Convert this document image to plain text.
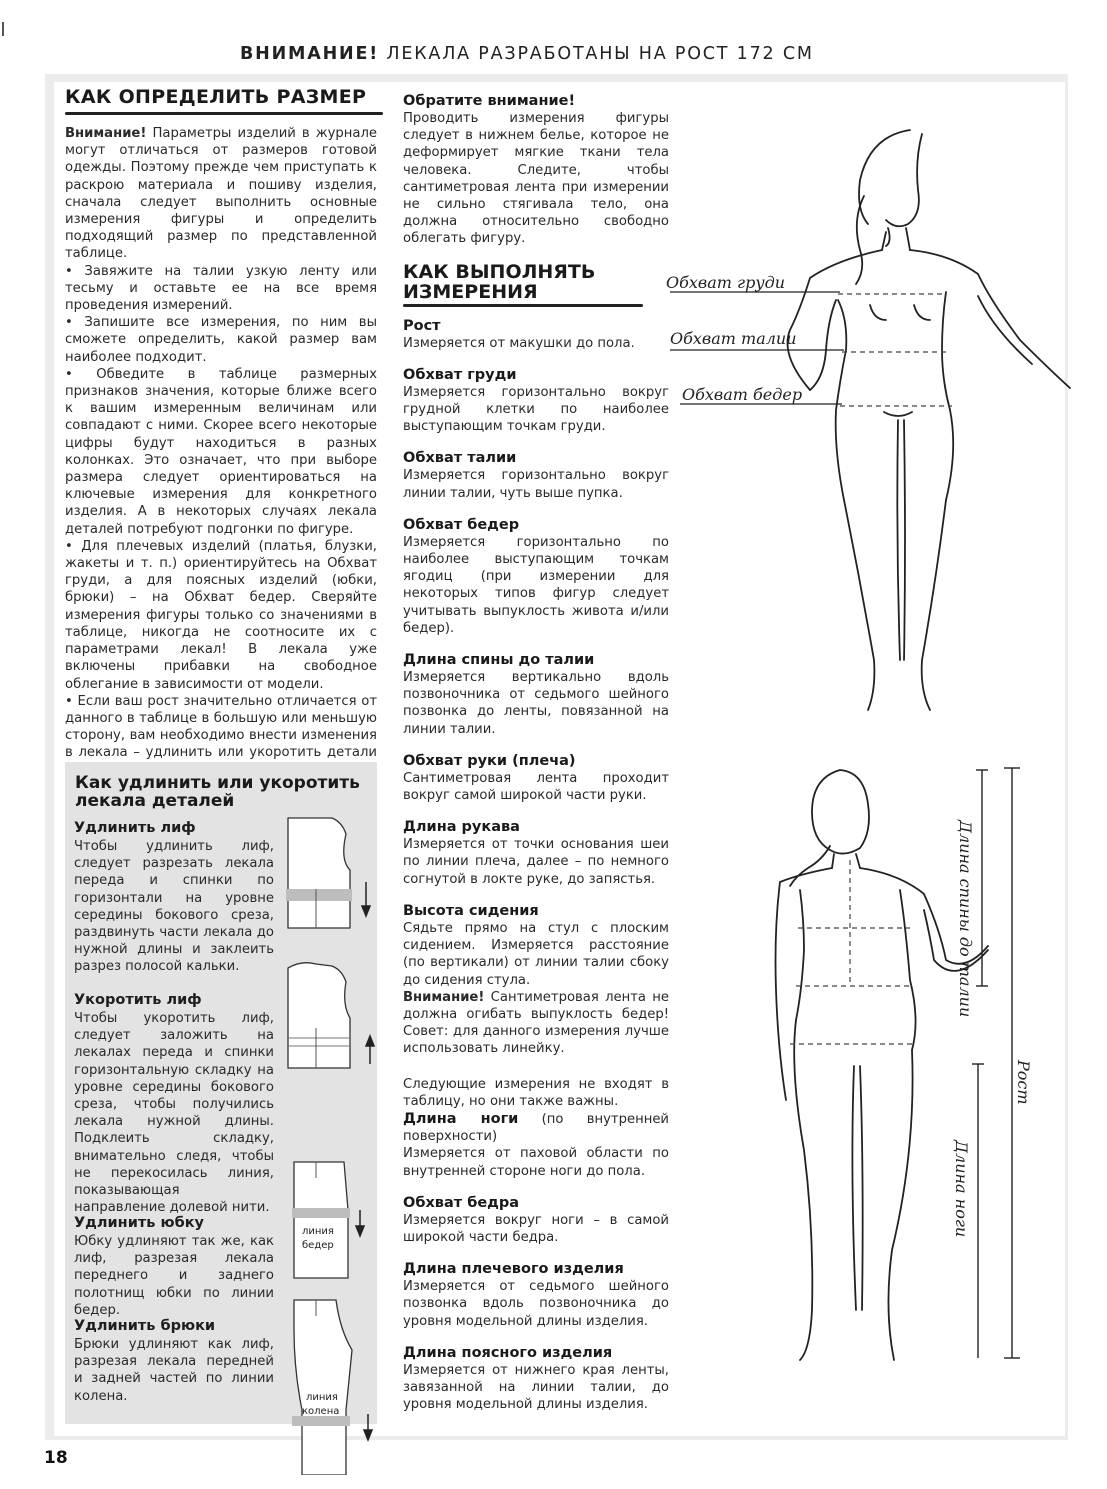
ВНИМАНИЕ! ЛЕКАЛА РАЗРАБОТАНЫ НА РОСТ 172 СМ
КАК ОПРЕДЕЛИТЬ РАЗМЕР

Внимание! Параметры изделий в журнале могут отличаться от размеров готовой одежды. Поэтому прежде чем приступать к раскрою материала и пошиву изделия, сначала следует выполнить основные измерения фигуры и определить подходящий размер по представленной таблице.

• Завяжите на талии узкую ленту или тесьму и оставьте ее на все время проведения измерений.

• Запишите все измерения, по ним вы сможете определить, какой размер вам наиболее подходит.

• Обведите в таблице размерных признаков значения, которые ближе всего к вашим измеренным величинам или совпадают с ними. Скорее всего некоторые цифры будут находиться в разных колонках. Это означает, что при выборе размера следует ориентироваться на ключевые измерения для конкретного изделия. А в некоторых случаях лекала деталей потребуют подгонки по фигуре.

• Для плечевых изделий (платья, блузки, жакеты и т. п.) ориентируйтесь на Обхват груди, а для поясных изделий (юбки, брюки) – на Обхват бедер. Сверяйте измерения фигуры только со значениями в таблице, никогда не соотносите их с параметрами лекал! В лекала уже включены прибавки на свободное облегание в зависимости от модели.

• Если ваш рост значительно отличается от данного в таблице в большую или меньшую сторону, вам необходимо внести изменения в лекала – удлинить или укоротить детали

Как удлинить или укоротить лекала деталей
Удлинить лиф

Чтобы удлинить лиф, следует разрезать лекала переда и спинки по горизонтали на уровне середины бокового среза, раздвинуть части лекала до нужной длины и заклеить разрез полосой кальки.

Укоротить лиф

Чтобы укоротить лиф, следует заложить на лекалах переда и спинки горизонтальную складку на уровне середины бокового среза, чтобы получились лекала нужной длины. Подклеить складку, внимательно следя, чтобы не перекосилась линия, показывающая направление долевой нити.

Удлинить юбку

Юбку удлиняют так же, как лиф, разрезая лекала переднего и заднего полотнищ юбки по линии бедер.

Удлинить брюки

Брюки удлиняют как лиф, разрезая лекала передней и задней частей по линии колена.

линия
бедер
линия
колена
Обратите внимание!

Проводить измерения фигуры следует в нижнем белье, которое не деформирует мягкие ткани тела человека. Следите, чтобы сантиметровая лента при измерении не сильно стягивала тело, она должна относительно свободно облегать фигуру.

КАК ВЫПОЛНЯТЬ
ИЗМЕРЕНИЯ
Рост

Измеряется от макушки до пола.

Обхват груди

Измеряется горизонтально вокруг грудной клетки по наиболее выступающим точкам груди.

Обхват талии

Измеряется горизонтально вокруг линии талии, чуть выше пупка.

Обхват бедер

Измеряется горизонтально по наиболее выступающим точкам ягодиц (при измерении для некоторых типов фигур следует учитывать выпуклость живота и/или бедер).

Длина спины до талии

Измеряется вертикально вдоль позвоночника от седьмого шейного позвонка до ленты, повязанной на линии талии.

Обхват руки (плеча)

Сантиметровая лента проходит вокруг самой широкой части руки.

Длина рукава

Измеряется от точки основания шеи по линии плеча, далее – по немного согнутой в локте руке, до запястья.

Высота сидения

Сядьте прямо на стул с плоским сидением. Измеряется расстояние (по вертикали) от линии талии сбоку до сидения стула.

Внимание! Сантиметровая лента не должна огибать выпуклость бедер! Совет: для данного измерения лучше использовать линейку.

Следующие измерения не входят в таблицу, но они также важны.

Длина ноги (по внутренней поверхности)

Измеряется от паховой области по внутренней стороне ноги до пола.

Обхват бедра

Измеряется вокруг ноги – в самой широкой части бедра.

Длина плечевого изделия

Измеряется от седьмого шейного позвонка вдоль позвоночника до уровня модельной длины изделия.

Длина поясного изделия

Измеряется от нижнего края ленты, завязанной на линии талии, до уровня модельной длины изделия.

Обхват груди
Обхват талии
Обхват бедер
Длина спины до талии
Рост
Длина ноги
18
